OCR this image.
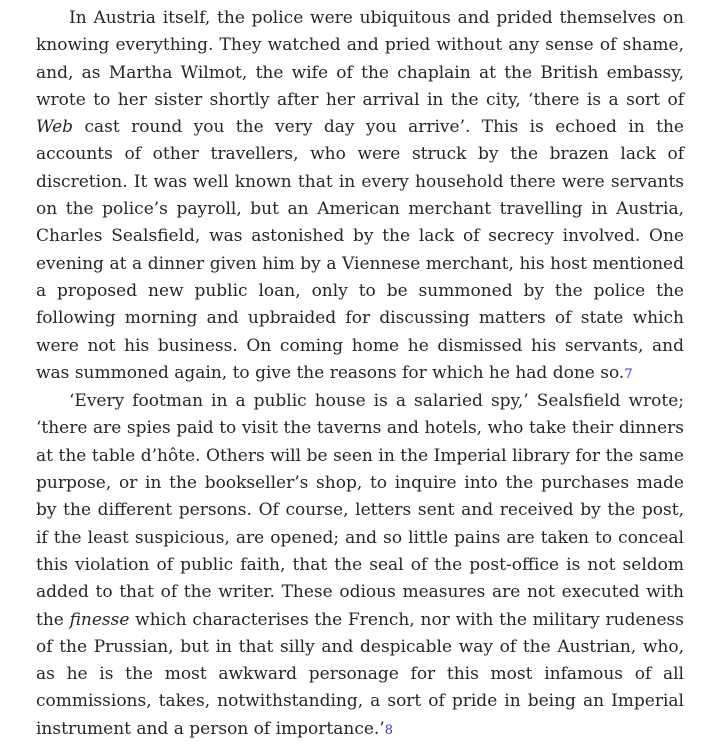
In Austria itself, the police were ubiquitous and prided themselves on knowing everything. They watched and pried without any sense of shame, and, as Martha Wilmot, the wife of the chaplain at the British embassy, wrote to her sister shortly after her arrival in the city, ‘there is a sort of Web cast round you the very day you arrive’. This is echoed in the accounts of other travellers, who were struck by the brazen lack of discretion. It was well known that in every household there were servants on the police’s payroll, but an American merchant travelling in Austria, Charles Sealsfield, was astonished by the lack of secrecy involved. One evening at a dinner given him by a Viennese merchant, his host mentioned a proposed new public loan, only to be summoned by the police the following morning and upbraided for discussing matters of state which were not his business. On coming home he dismissed his servants, and was summoned again, to give the reasons for which he had done so.7

‘Every footman in a public house is a salaried spy,’ Sealsfield wrote; ‘there are spies paid to visit the taverns and hotels, who take their dinners at the table d’hôte. Others will be seen in the Imperial library for the same purpose, or in the bookseller’s shop, to inquire into the purchases made by the different persons. Of course, letters sent and received by the post, if the least suspicious, are opened; and so little pains are taken to conceal this violation of public faith, that the seal of the post-office is not seldom added to that of the writer. These odious measures are not executed with the finesse which characterises the French, nor with the military rudeness of the Prussian, but in that silly and despicable way of the Austrian, who, as he is the most awkward personage for this most infamous of all commissions, takes, notwithstanding, a sort of pride in being an Imperial instrument and a person of importance.’8
